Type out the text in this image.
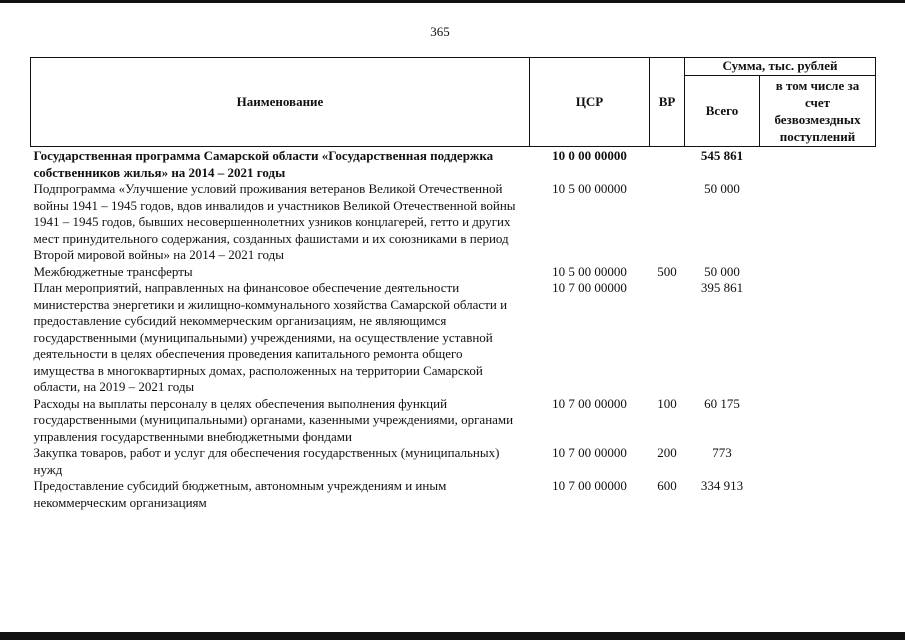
365
Наименование	ЦСР	ВР	Сумма, тыс. рублей	
			Всего	в том числе за счет безвозмездных поступлений
Государственная программа Самарской области «Государственная поддержка собственников жилья» на 2014 – 2021 годы	10 0 00 00000		545 861	
Подпрограмма «Улучшение условий проживания ветеранов Великой Отечественной войны 1941 – 1945 годов, вдов инвалидов и участников Великой Отечественной войны 1941 – 1945 годов, бывших несовершеннолетних узников концлагерей, гетто и других мест принудительного содержания, созданных фашистами и их союзниками в период Второй мировой войны» на 2014 – 2021 годы	10 5 00 00000		50 000	
Межбюджетные трансферты	10 5 00 00000	500	50 000	
План мероприятий, направленных на финансовое обеспечение деятельности министерства энергетики и жилищно-коммунального хозяйства Самарской области и предоставление субсидий некоммерческим организациям, не являющимся государственными (муниципальными) учреждениями, на осуществление уставной деятельности в целях обеспечения проведения капитального ремонта общего имущества в многоквартирных домах, расположенных на территории Самарской области, на 2019 – 2021 годы	10 7 00 00000		395 861	
Расходы на выплаты персоналу в целях обеспечения выполнения функций государственными (муниципальными) органами, казенными учреждениями, органами управления государственными внебюджетными фондами	10 7 00 00000	100	60 175	
Закупка товаров, работ и услуг для обеспечения государственных (муниципальных) нужд	10 7 00 00000	200	773	
Предоставление субсидий бюджетным, автономным учреждениям и иным некоммерческим организациям	10 7 00 00000	600	334 913	
